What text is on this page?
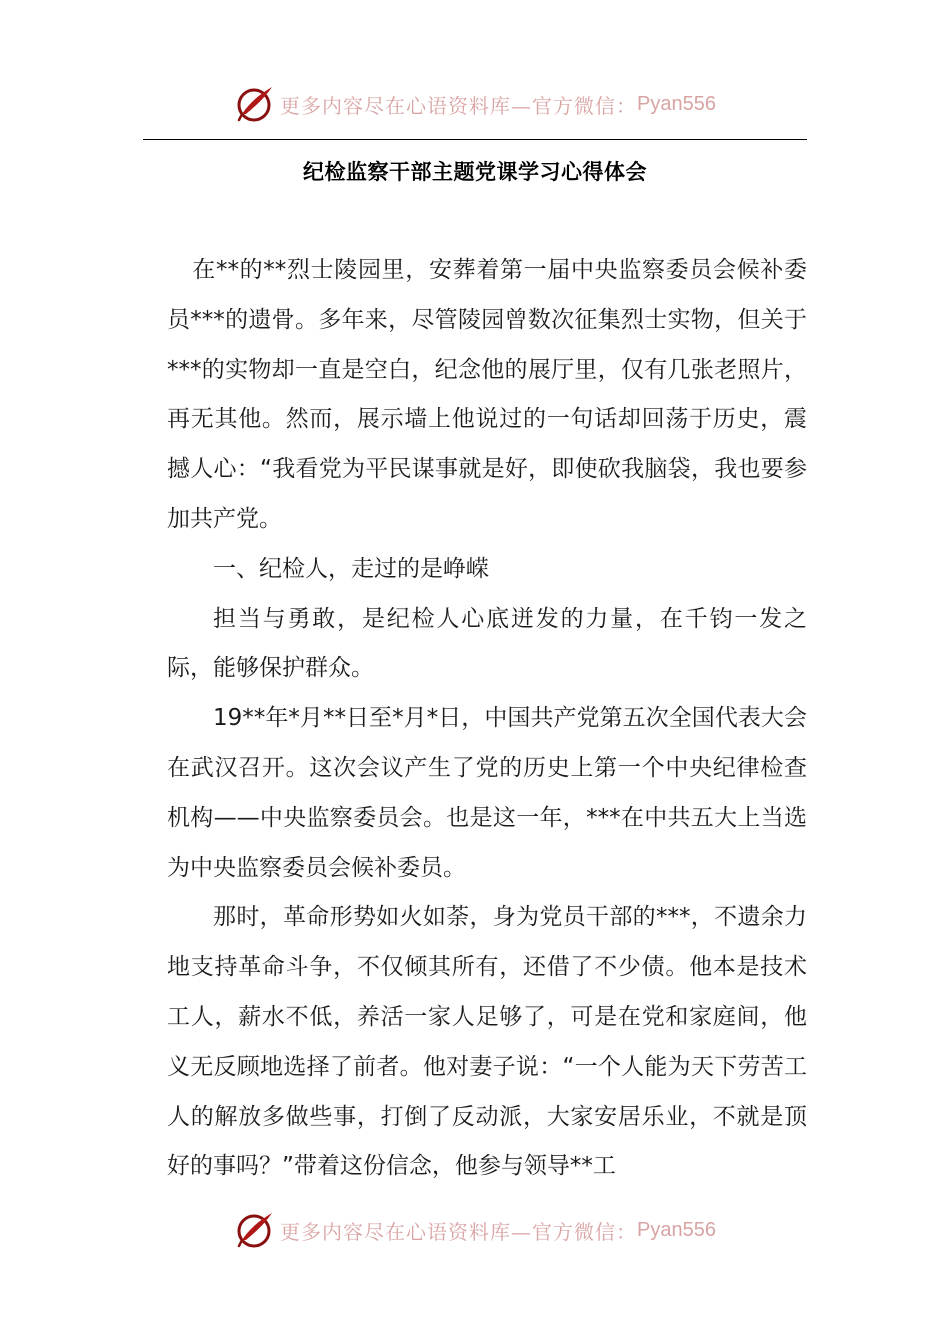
更多内容尽在心语资料库—官方微信： Pyan556
纪检监察干部主题党课学习心得体会

在**的**烈士陵园里，安葬着第一届中央监察委员会候补委员***的遗骨。多年来，尽管陵园曾数次征集烈士实物，但关于***的实物却一直是空白，纪念他的展厅里，仅有几张老照片，再无其他。然而，展示墙上他说过的一句话却回荡于历史，震撼人心：“我看党为平民谋事就是好，即使砍我脑袋，我也要参加共产党。

一、纪检人，走过的是峥嵘

担当与勇敢，是纪检人心底迸发的力量，在千钧一发之际，能够保护群众。

19**年*月**日至*月*日，中国共产党第五次全国代表大会在武汉召开。这次会议产生了党的历史上第一个中央纪律检查机构——中央监察委员会。也是这一年，***在中共五大上当选为中央监察委员会候补委员。

那时，革命形势如火如荼，身为党员干部的***，不遗余力地支持革命斗争，不仅倾其所有，还借了不少债。他本是技术工人，薪水不低，养活一家人足够了，可是在党和家庭间，他义无反顾地选择了前者。他对妻子说：“一个人能为天下劳苦工人的解放多做些事，打倒了反动派，大家安居乐业，不就是顶好的事吗？”带着这份信念，他参与领导**工

更多内容尽在心语资料库—官方微信： Pyan556
